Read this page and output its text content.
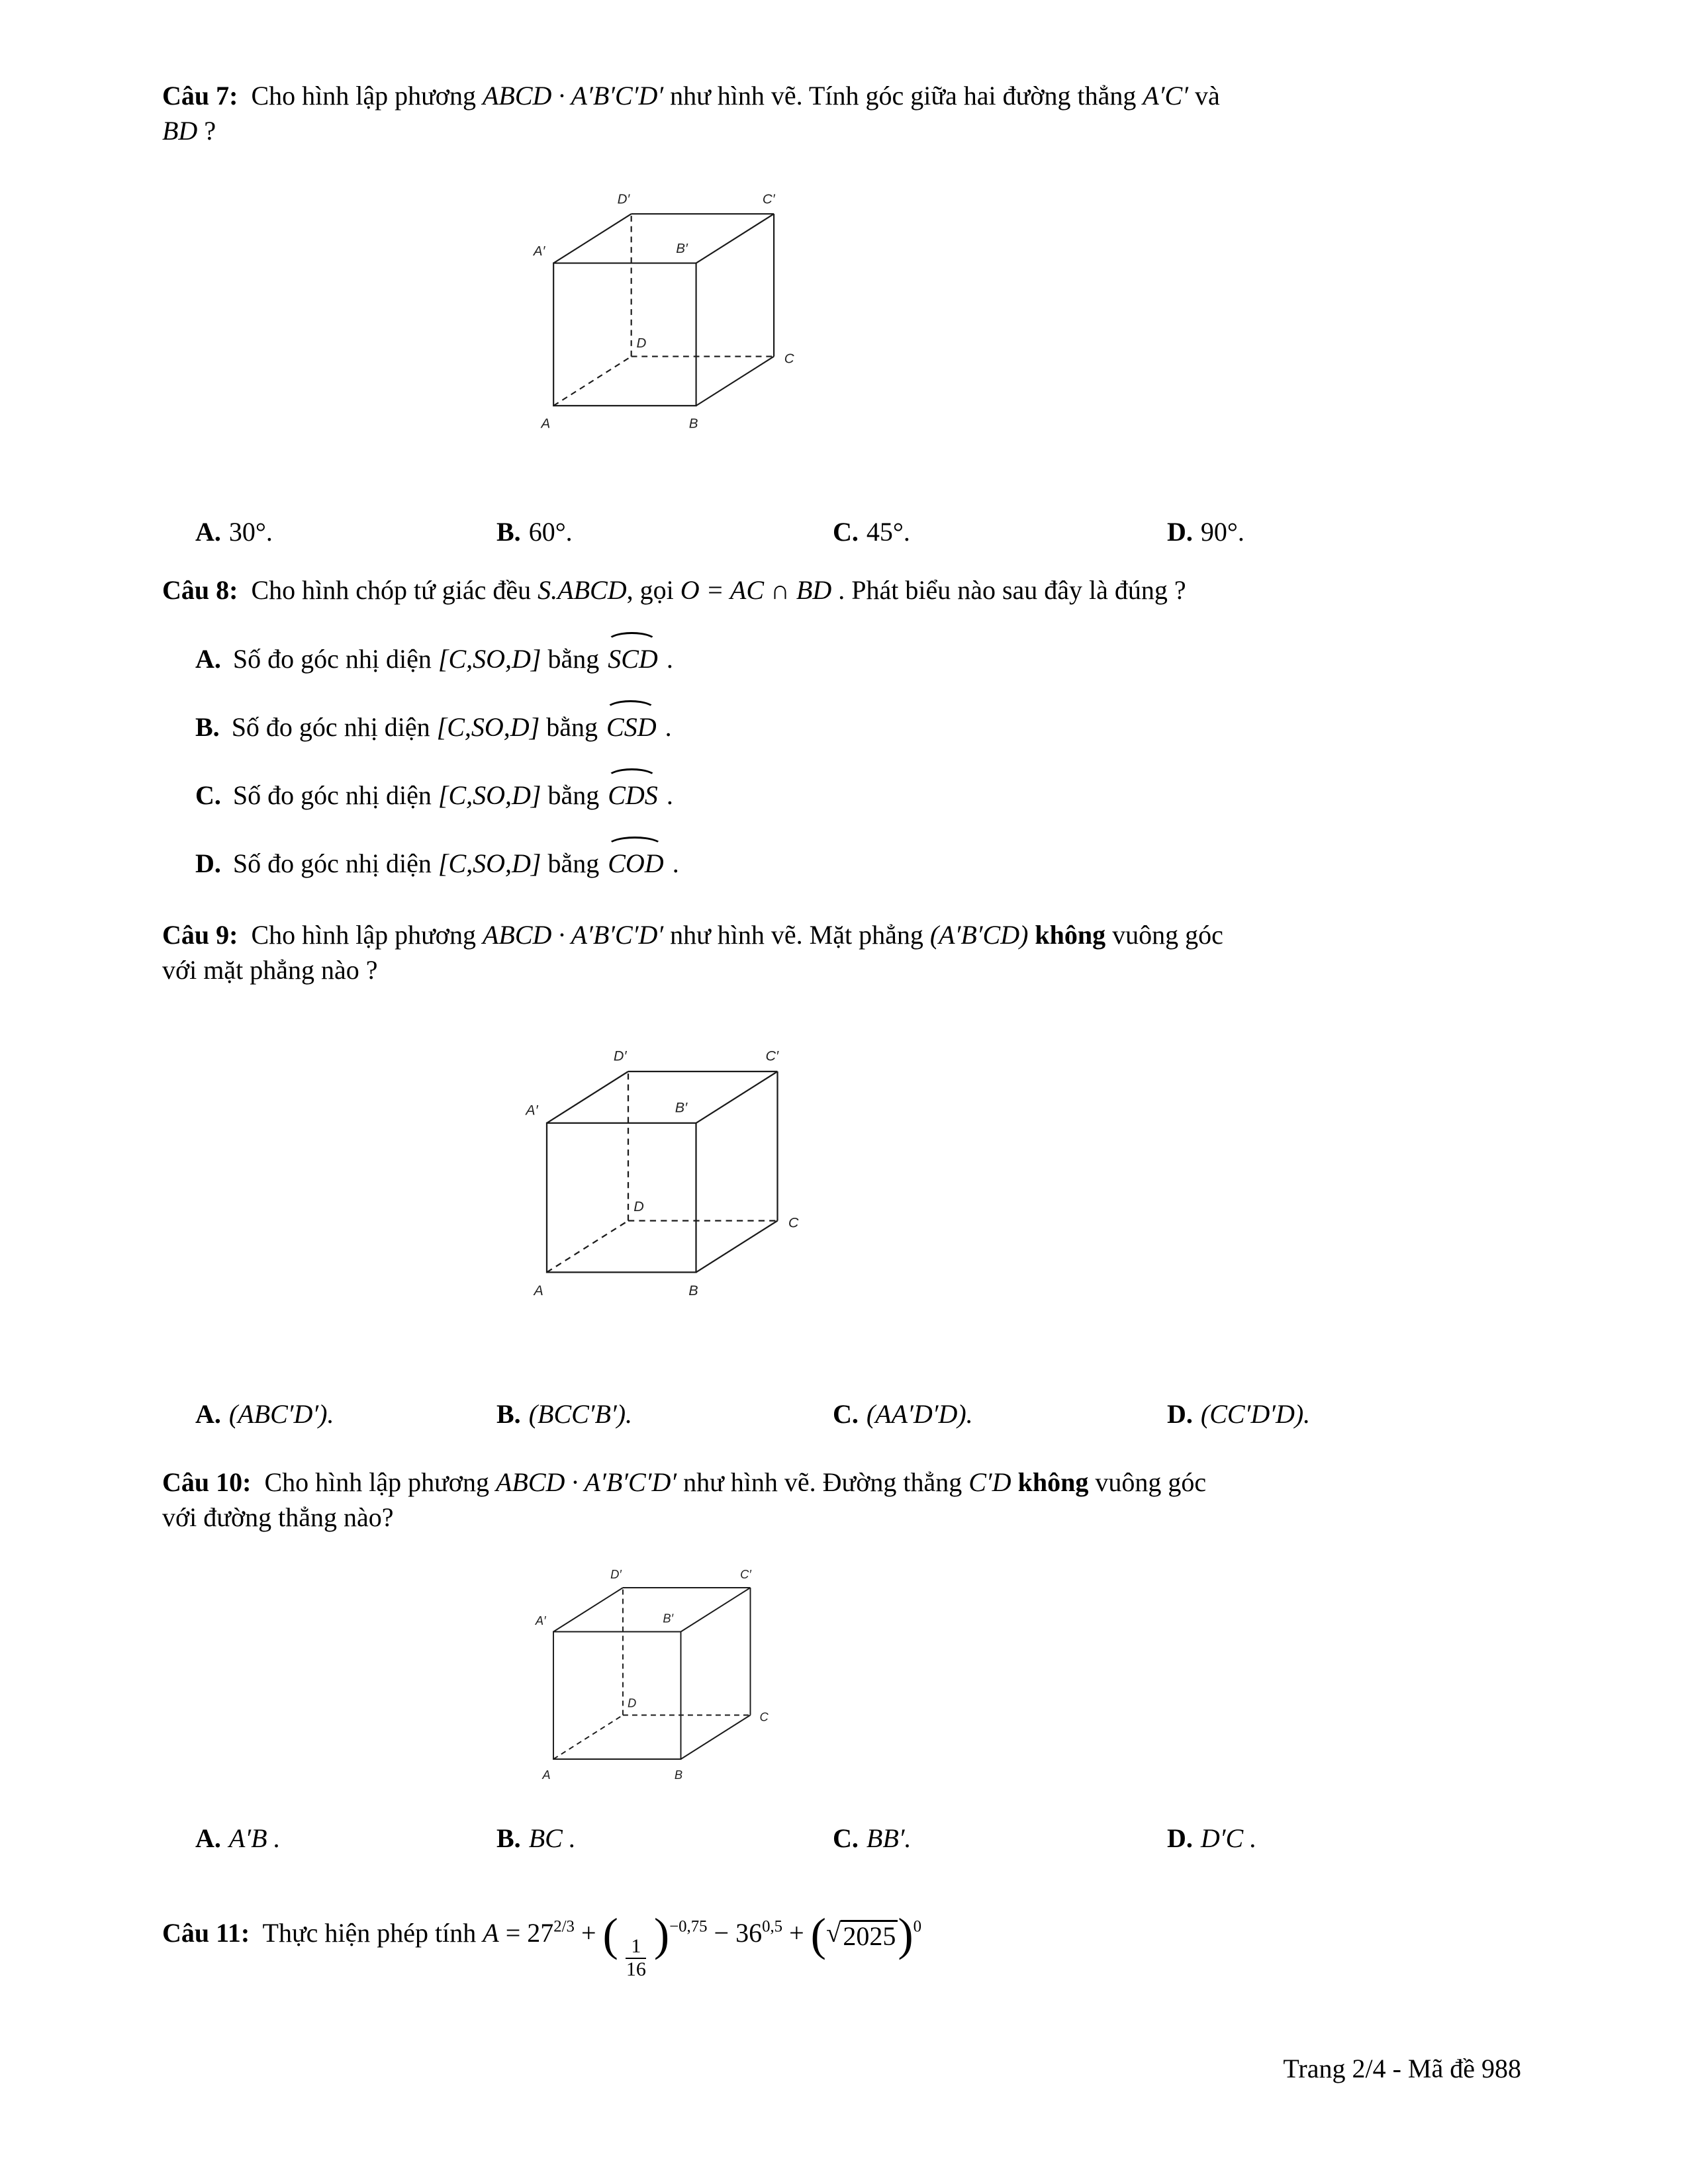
Câu 7: Cho hình lập phương ABCD · A′B′C′D′ như hình vẽ. Tính góc giữa hai đường thẳng A′C′ và
BD ?

A	B
C
D
A′	B′
C′
D′
A. 30°.	B. 60°.	C. 45°.	D. 90°.

Câu 8: Cho hình chóp tứ giác đều S.ABCD, gọi O = AC ∩ BD . Phát biểu nào sau đây là đúng ?

A. Số đo góc nhị diện [C,SO,D] bằng SCD .

B. Số đo góc nhị diện [C,SO,D] bằng CSD .

C. Số đo góc nhị diện [C,SO,D] bằng CDS .

D. Số đo góc nhị diện [C,SO,D] bằng COD .

Câu 9: Cho hình lập phương ABCD · A′B′C′D′ như hình vẽ. Mặt phẳng (A′B′CD) không vuông góc
với mặt phẳng nào ?

A	B
C
D
A′	B′
C′
D′
A. (ABC′D′).	B. (BCC′B′).	C. (AA′D′D).	D. (CC′D′D).

Câu 10: Cho hình lập phương ABCD · A′B′C′D′ như hình vẽ. Đường thẳng C′D không vuông góc
với đường thẳng nào?

A	B
C
D
A′	B′
C′
D′
A. A′B .	B. BC .	C. BB′.	D. D′C .

Câu 11: Thực hiện phép tính $A = 27^{2/3}$ + ( $\frac{1}{16} )^{-0,75} - 36^{0,5}$ + ( √ 2025 )$^0$

Trang 2/4 - Mã đề 988
